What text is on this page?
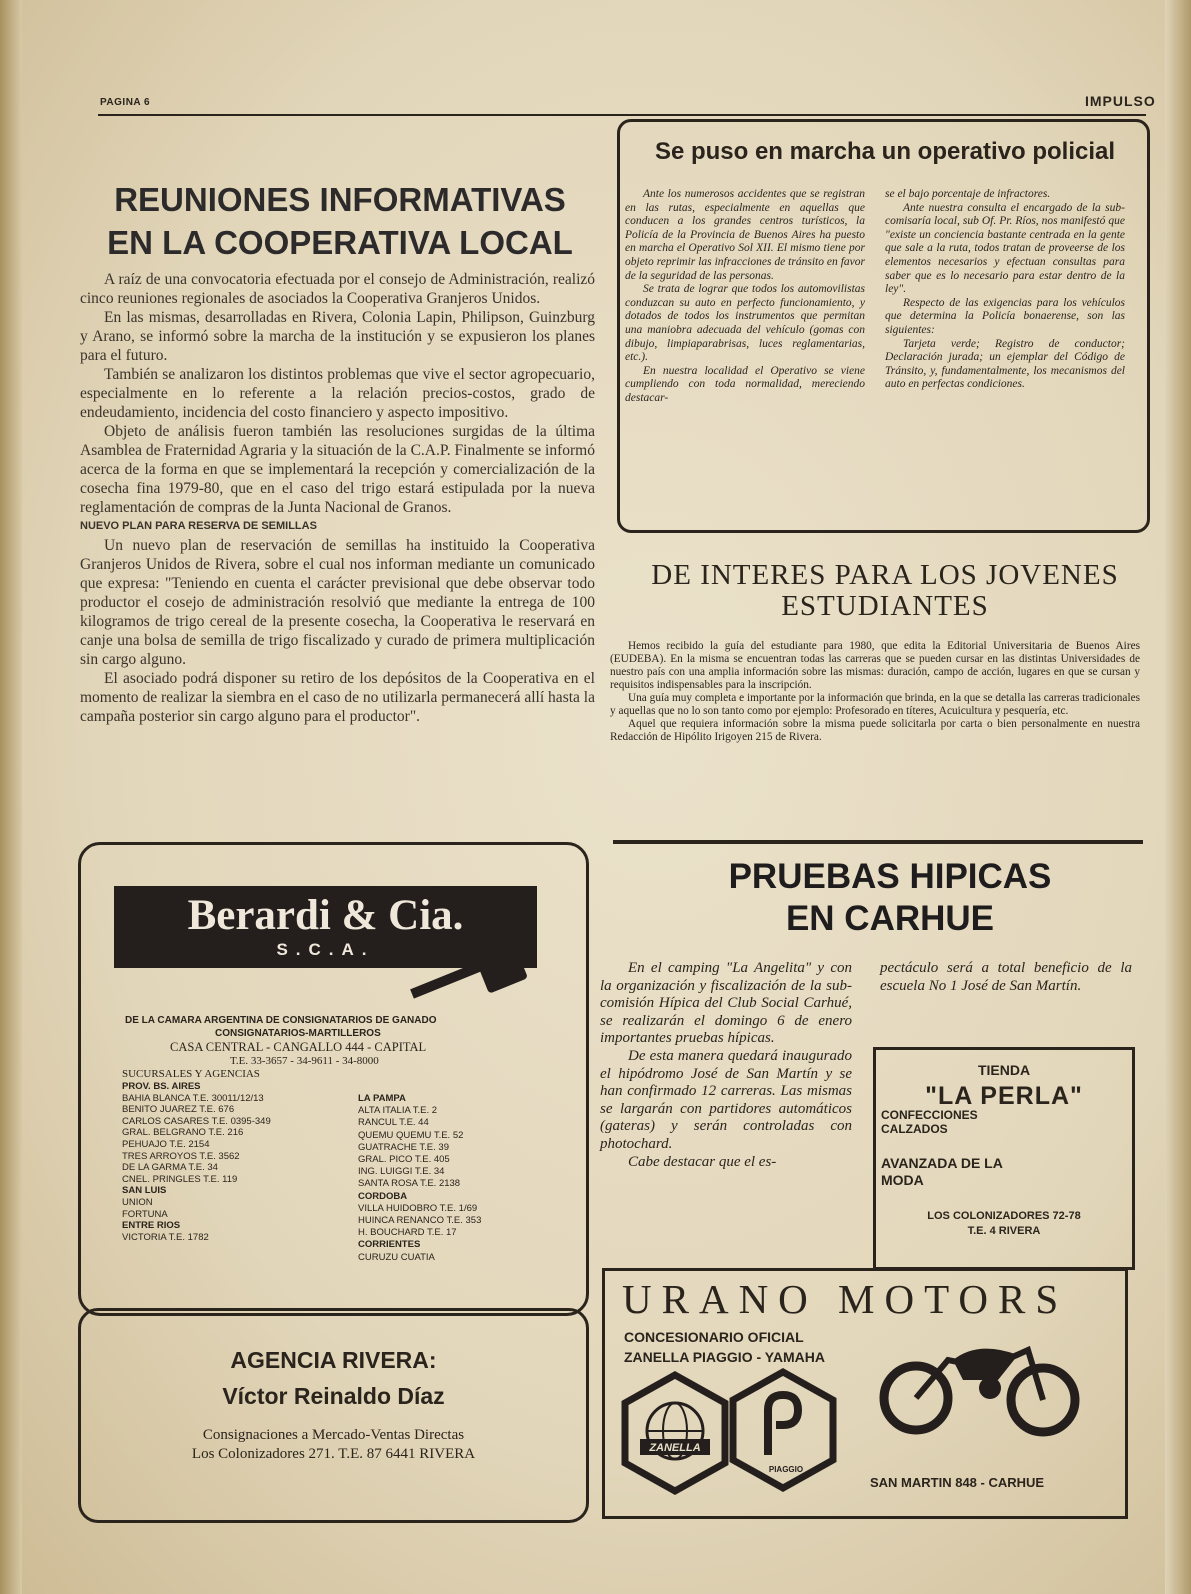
PAGINA 6	IMPULSO
REUNIONES INFORMATIVAS EN LA COOPERATIVA LOCAL

A raíz de una convocatoria efectuada por el consejo de Administración, realizó cinco reuniones regionales de asociados la Cooperativa Granjeros Unidos.

En las mismas, desarrolladas en Rivera, Colonia Lapin, Philipson, Guinzburg y Arano, se informó sobre la marcha de la institución y se expusieron los planes para el futuro.

También se analizaron los distintos problemas que vive el sector agropecuario, especialmente en lo referente a la relación precios-costos, grado de endeudamiento, incidencia del costo financiero y aspecto impositivo.

Objeto de análisis fueron también las resoluciones surgidas de la última Asamblea de Fraternidad Agraria y la situación de la C.A.P. Finalmente se informó acerca de la forma en que se implementará la recepción y comercialización de la cosecha fina 1979-80, que en el caso del trigo estará estipulada por la nueva reglamentación de compras de la Junta Nacional de Granos.

NUEVO PLAN PARA RESERVA DE SEMILLAS

Un nuevo plan de reservación de semillas ha instituido la Cooperativa Granjeros Unidos de Rivera, sobre el cual nos informan mediante un comunicado que expresa: "Teniendo en cuenta el carácter previsional que debe observar todo productor el cosejo de administración resolvió que mediante la entrega de 100 kilogramos de trigo cereal de la presente cosecha, la Cooperativa le reservará en canje una bolsa de semilla de trigo fiscalizado y curado de primera multiplicación sin cargo alguno.

El asociado podrá disponer su retiro de los depósitos de la Cooperativa en el momento de realizar la siembra en el caso de no utilizarla permanecerá allí hasta la campaña posterior sin cargo alguno para el productor".

Se puso en marcha un operativo policial

Ante los numerosos accidentes que se registran en las rutas, especialmente en aquellas que conducen a los grandes centros turísticos, la Policía de la Provincia de Buenos Aires ha puesto en marcha el Operativo Sol XII. El mismo tiene por objeto reprimir las infracciones de tránsito en favor de la seguridad de las personas.

Se trata de lograr que todos los automovilistas conduzcan su auto en perfecto funcionamiento, y dotados de todos los instrumentos que permitan una maniobra adecuada del vehículo (gomas con dibujo, limpiaparabrisas, luces reglamentarias, etc.).

En nuestra localidad el Operativo se viene cumpliendo con toda normalidad, mereciendo destacar-

se el bajo porcentaje de infractores.

Ante nuestra consulta el encargado de la sub-comisaría local, sub Of. Pr. Ríos, nos manifestó que "existe un conciencia bastante centrada en la gente que sale a la ruta, todos tratan de proveerse de los elementos necesarios y efectuan consultas para saber que es lo necesario para estar dentro de la ley".

Respecto de las exigencias para los vehículos que determina la Policía bonaerense, son las siguientes:

Tarjeta verde; Registro de conductor; Declaración jurada; un ejemplar del Código de Tránsito, y, fundamentalmente, los mecanismos del auto en perfectas condiciones.

DE INTERES PARA LOS JOVENES ESTUDIANTES

Hemos recibido la guía del estudiante para 1980, que edita la Editorial Universitaria de Buenos Aires (EUDEBA). En la misma se encuentran todas las carreras que se pueden cursar en las distintas Universidades de nuestro país con una amplia información sobre las mismas: duración, campo de acción, lugares en que se cursan y requisitos indispensables para la inscripción.

Una guía muy completa e importante por la información que brinda, en la que se detalla las carreras tradicionales y aquellas que no lo son tanto como por ejemplo: Profesorado en títeres, Acuicultura y pesquería, etc.

Aquel que requiera información sobre la misma puede solicitarla por carta o bien personalmente en nuestra Redacción de Hipólito Irigoyen 215 de Rivera.

PRUEBAS HIPICAS
EN CARHUE

En el camping "La Angelita" y con la organización y fiscalización de la sub-comisión Hípica del Club Social Carhué, se realizarán el domingo 6 de enero importantes pruebas hípicas.

De esta manera quedará inaugurado el hipódromo José de San Martín y se han confirmado 12 carreras. Las mismas se largarán con partidores automáticos (gateras) y serán controladas con photochard.

Cabe destacar que el es-

pectáculo será a total beneficio de la escuela No 1 José de San Martín.

TIENDA
"LA PERLA"
CONFECCIONES
CALZADOS
AVANZADA DE LA
MODA
LOS COLONIZADORES 72-78
T.E. 4 RIVERA
Berardi & Cia.
S.C.A.
DE LA CAMARA ARGENTINA DE CONSIGNATARIOS DE GANADO
CONSIGNATARIOS-MARTILLEROS
CASA CENTRAL - CANGALLO 444 - CAPITAL
T.E. 33-3657 - 34-9611 - 34-8000
SUCURSALES Y AGENCIAS
PROV. BS. AIRES
BAHIA BLANCA T.E. 30011/12/13
BENITO JUAREZ T.E. 676
CARLOS CASARES T.E. 0395-349
GRAL. BELGRANO T.E. 216
PEHUAJO T.E. 2154
TRES ARROYOS T.E. 3562
DE LA GARMA T.E. 34
CNEL. PRINGLES T.E. 119
SAN LUIS
UNION
FORTUNA
ENTRE RIOS
VICTORIA T.E. 1782
LA PAMPA
ALTA ITALIA T.E. 2
RANCUL T.E. 44
QUEMU QUEMU T.E. 52
GUATRACHE T.E. 39
GRAL. PICO T.E. 405
ING. LUIGGI T.E. 34
SANTA ROSA T.E. 2138
CORDOBA
VILLA HUIDOBRO T.E. 1/69
HUINCA RENANCO T.E. 353
H. BOUCHARD T.E. 17
CORRIENTES
CURUZU CUATIA
AGENCIA RIVERA:
Víctor Reinaldo Díaz
Consignaciones a Mercado-Ventas Directas
Los Colonizadores 271. T.E. 87 6441 RIVERA
URANO MOTORS
CONCESIONARIO OFICIAL
ZANELLA PIAGGIO - YAMAHA
ZANELLA
PIAGGIO
SAN MARTIN 848 - CARHUE
